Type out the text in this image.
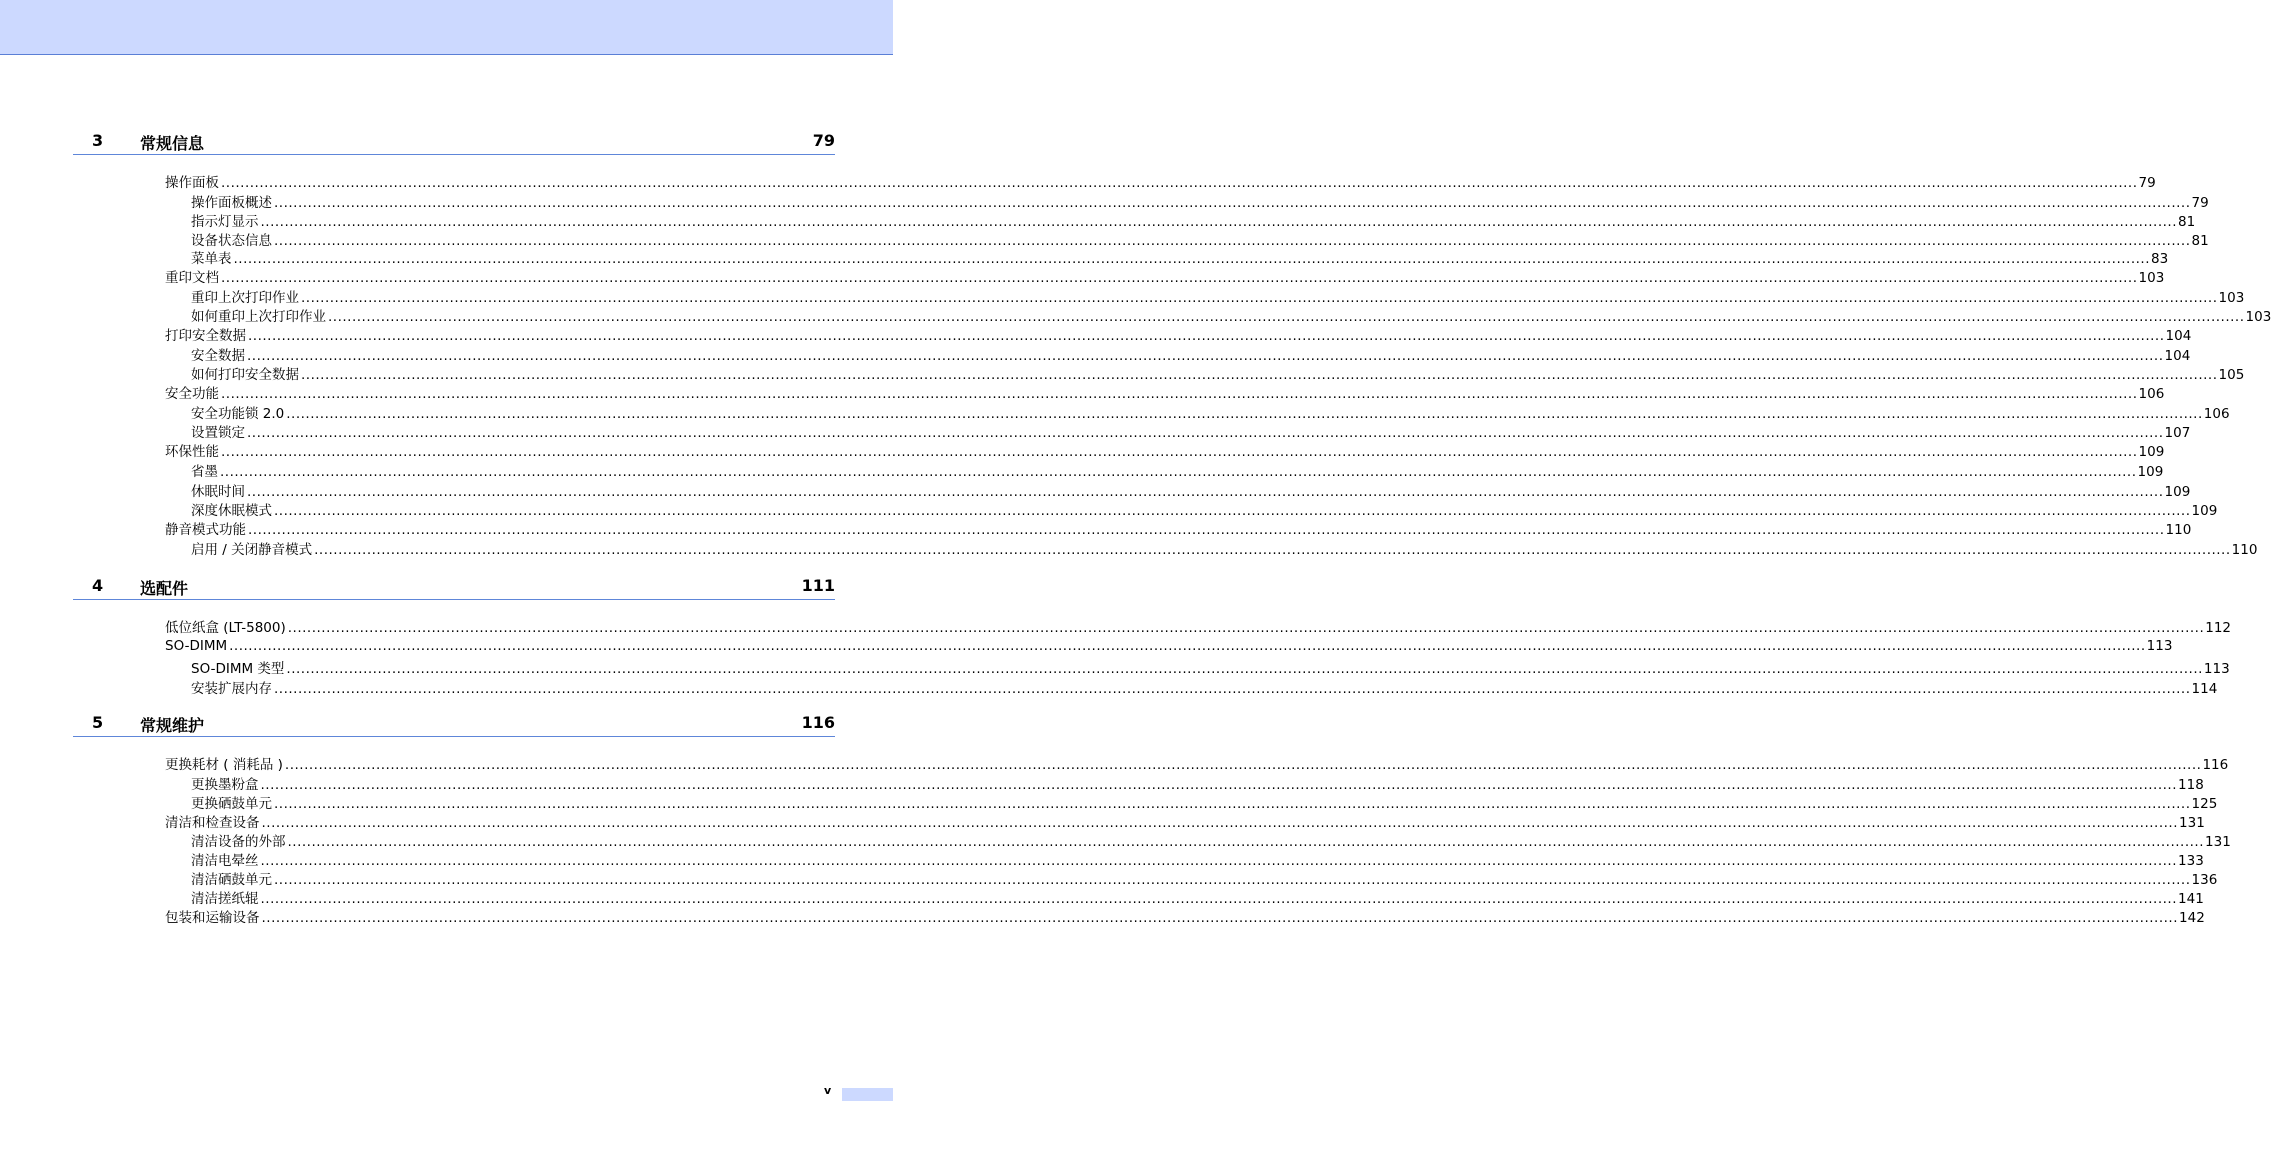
3 常规信息	79
操作面板 ................................................................................................................................................................................................................................................................................................................................................................................................................ 79
操作面板概述 ................................................................................................................................................................................................................................................................................................................................................................................................................ 79
指示灯显示 ................................................................................................................................................................................................................................................................................................................................................................................................................ 81
设备状态信息 ................................................................................................................................................................................................................................................................................................................................................................................................................ 81
菜单表 ................................................................................................................................................................................................................................................................................................................................................................................................................ 83
重印文档 ................................................................................................................................................................................................................................................................................................................................................................................................................ 103
重印上次打印作业 ................................................................................................................................................................................................................................................................................................................................................................................................................ 103
如何重印上次打印作业 ................................................................................................................................................................................................................................................................................................................................................................................................................ 103
打印安全数据 ................................................................................................................................................................................................................................................................................................................................................................................................................ 104
安全数据 ................................................................................................................................................................................................................................................................................................................................................................................................................ 104
如何打印安全数据 ................................................................................................................................................................................................................................................................................................................................................................................................................ 105
安全功能 ................................................................................................................................................................................................................................................................................................................................................................................................................ 106
安全功能锁 2.0 ................................................................................................................................................................................................................................................................................................................................................................................................................ 106
设置锁定 ................................................................................................................................................................................................................................................................................................................................................................................................................ 107
环保性能 ................................................................................................................................................................................................................................................................................................................................................................................................................ 109
省墨 ................................................................................................................................................................................................................................................................................................................................................................................................................ 109
休眠时间 ................................................................................................................................................................................................................................................................................................................................................................................................................ 109
深度休眠模式 ................................................................................................................................................................................................................................................................................................................................................................................................................ 109
静音模式功能 ................................................................................................................................................................................................................................................................................................................................................................................................................ 110
启用 / 关闭静音模式 ................................................................................................................................................................................................................................................................................................................................................................................................................ 110
4 选配件	111
低位纸盒 (LT-5800) ................................................................................................................................................................................................................................................................................................................................................................................................................ 112
SO-DIMM ................................................................................................................................................................................................................................................................................................................................................................................................................ 113
SO-DIMM 类型 ................................................................................................................................................................................................................................................................................................................................................................................................................ 113
安装扩展内存 ................................................................................................................................................................................................................................................................................................................................................................................................................ 114
5 常规维护	116
更换耗材 ( 消耗品 ) ................................................................................................................................................................................................................................................................................................................................................................................................................ 116
更换墨粉盒 ................................................................................................................................................................................................................................................................................................................................................................................................................ 118
更换硒鼓单元 ................................................................................................................................................................................................................................................................................................................................................................................................................ 125
清洁和检查设备 ................................................................................................................................................................................................................................................................................................................................................................................................................ 131
清洁设备的外部 ................................................................................................................................................................................................................................................................................................................................................................................................................ 131
清洁电晕丝 ................................................................................................................................................................................................................................................................................................................................................................................................................ 133
清洁硒鼓单元 ................................................................................................................................................................................................................................................................................................................................................................................................................ 136
清洁搓纸辊 ................................................................................................................................................................................................................................................................................................................................................................................................................ 141
包装和运输设备 ................................................................................................................................................................................................................................................................................................................................................................................................................ 142
v
